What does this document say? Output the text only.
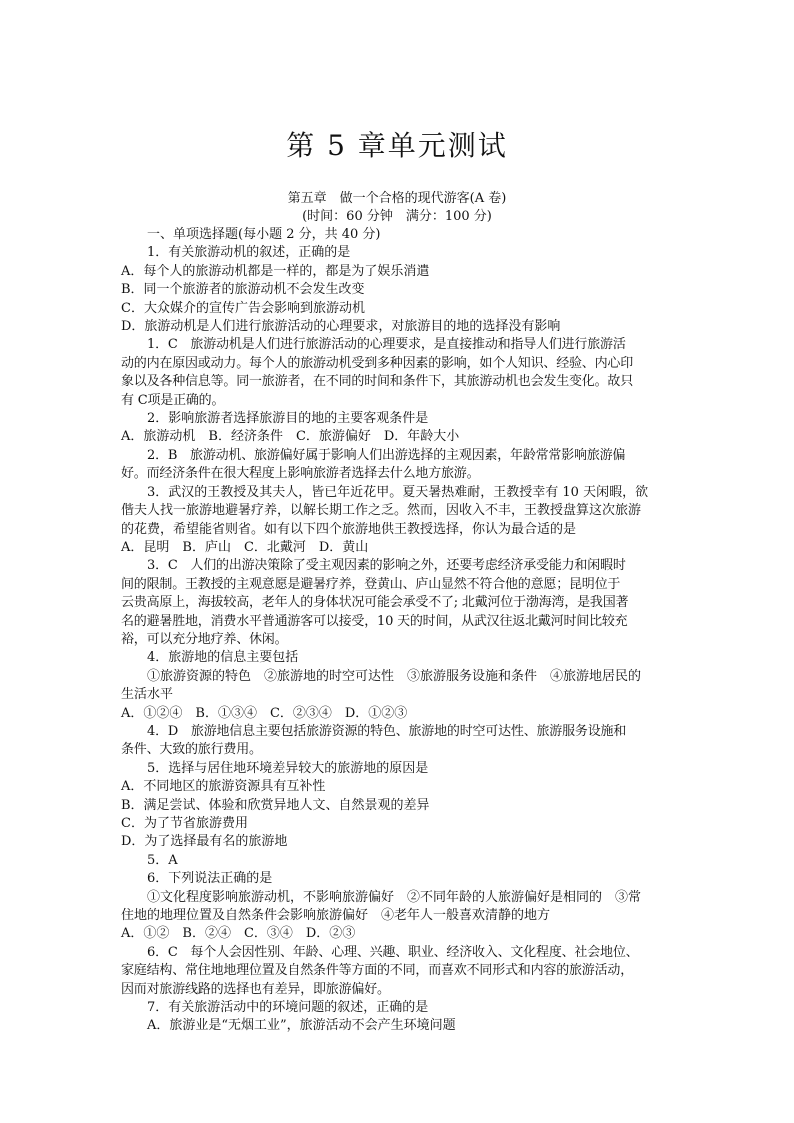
第 5 章单元测试
第五章　做一个合格的现代游客(A 卷)
(时间：60 分钟　满分：100 分)
一、单项选择题(每小题 2 分，共 40 分)
1．有关旅游动机的叙述，正确的是
A．每个人的旅游动机都是一样的，都是为了娱乐消遣
B．同一个旅游者的旅游动机不会发生改变
C．大众媒介的宣传广告会影响到旅游动机
D．旅游动机是人们进行旅游活动的心理要求，对旅游目的地的选择没有影响
1．C　旅游动机是人们进行旅游活动的心理要求，是直接推动和指导人们进行旅游活
动的内在原因或动力。每个人的旅游动机受到多种因素的影响，如个人知识、经验、内心印
象以及各种信息等。同一旅游者，在不同的时间和条件下，其旅游动机也会发生变化。故只
有 C项是正确的。
2．影响旅游者选择旅游目的地的主要客观条件是
A．旅游动机　B．经济条件　C．旅游偏好　D．年龄大小
2．B　旅游动机、旅游偏好属于影响人们出游选择的主观因素，年龄常常影响旅游偏
好。而经济条件在很大程度上影响旅游者选择去什么地方旅游。
3．武汉的王教授及其夫人，皆已年近花甲。夏天暑热难耐，王教授幸有 10 天闲暇，欲
偕夫人找一旅游地避暑疗养，以解长期工作之乏。然而，因收入不丰，王教授盘算这次旅游
的花费，希望能省则省。如有以下四个旅游地供王教授选择，你认为最合适的是
A．昆明　B．庐山　C．北戴河　D．黄山
3．C　人们的出游决策除了受主观因素的影响之外，还要考虑经济承受能力和闲暇时
间的限制。王教授的主观意愿是避暑疗养，登黄山、庐山显然不符合他的意愿；昆明位于
云贵高原上，海拔较高，老年人的身体状况可能会承受不了; 北戴河位于渤海湾，是我国著
名的避暑胜地，消费水平普通游客可以接受，10 天的时间，从武汉往返北戴河时间比较充
裕，可以充分地疗养、休闲。
4．旅游地的信息主要包括
①旅游资源的特色　②旅游地的时空可达性　③旅游服务设施和条件　④旅游地居民的
生活水平
A．①②④　B．①③④　C．②③④　D．①②③
4．D　旅游地信息主要包括旅游资源的特色、旅游地的时空可达性、旅游服务设施和
条件、大致的旅行费用。
5．选择与居住地环境差异较大的旅游地的原因是
A．不同地区的旅游资源具有互补性
B．满足尝试、体验和欣赏异地人文、自然景观的差异
C．为了节省旅游费用
D．为了选择最有名的旅游地
5．A
6．下列说法正确的是
①文化程度影响旅游动机，不影响旅游偏好　②不同年龄的人旅游偏好是相同的　③常
住地的地理位置及自然条件会影响旅游偏好　④老年人一般喜欢清静的地方
A．①②　B．②④　C．③④　D．②③
6．C　每个人会因性别、年龄、心理、兴趣、职业、经济收入、文化程度、社会地位、
家庭结构、常住地地理位置及自然条件等方面的不同，而喜欢不同形式和内容的旅游活动，
因而对旅游线路的选择也有差异，即旅游偏好。
7．有关旅游活动中的环境问题的叙述，正确的是
A．旅游业是“无烟工业”，旅游活动不会产生环境问题
